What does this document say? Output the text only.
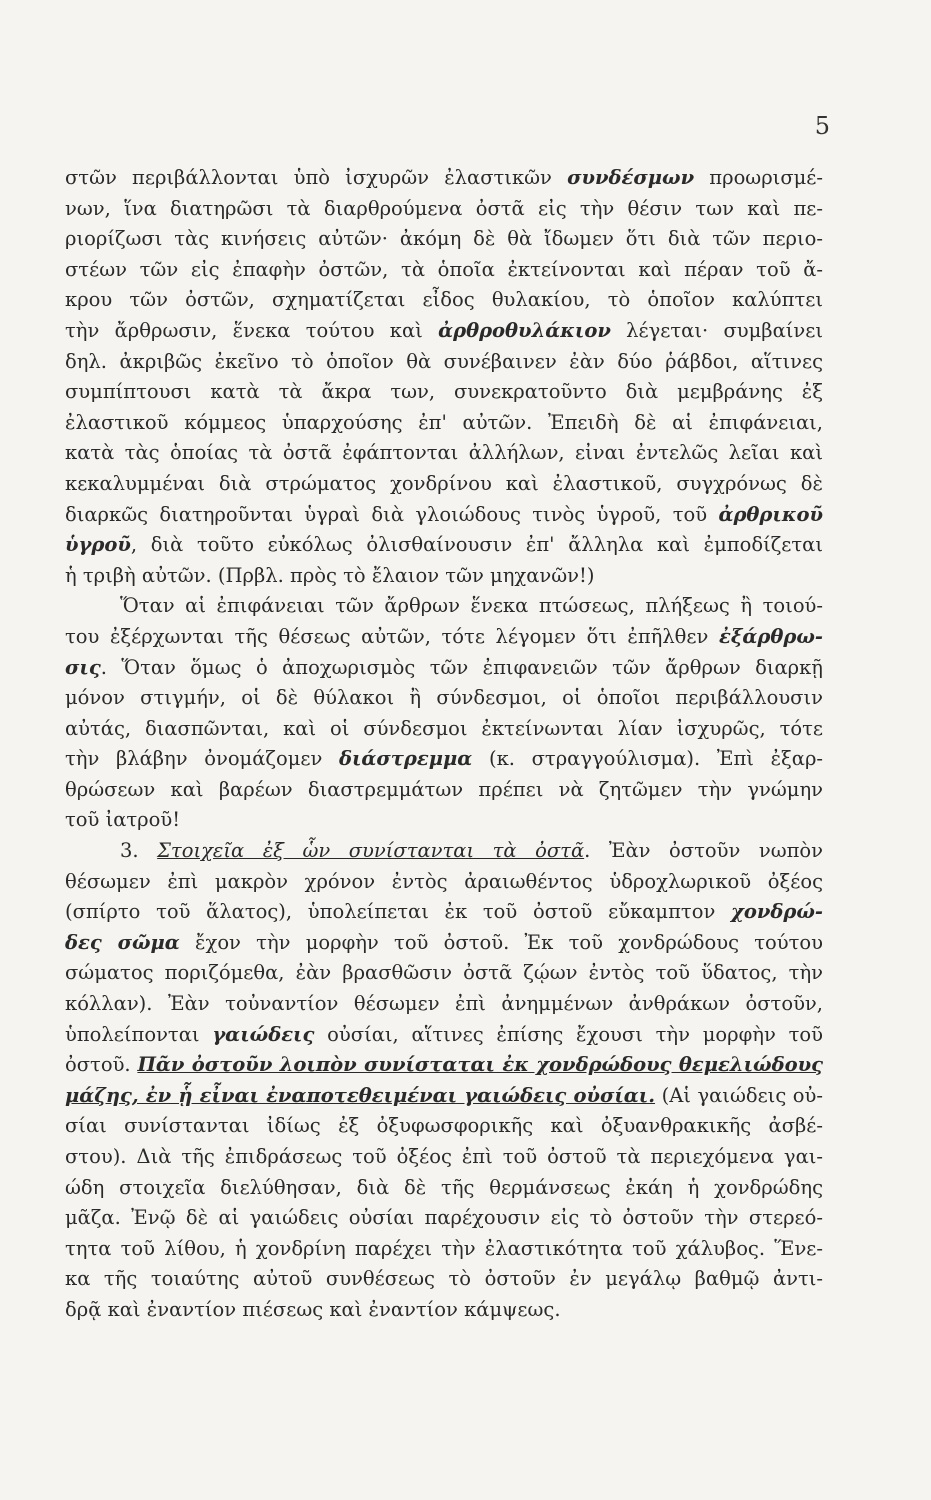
5
στῶν περιβάλλονται ὑπὸ ἰσχυρῶν ἐλαστικῶν συνδέσμων προωρισμέ-
νων, ἵνα διατηρῶσι τὰ διαρθρούμενα ὀστᾶ εἰς τὴν θέσιν των καὶ πε-
ριορίζωσι τὰς κινήσεις αὐτῶν· ἀκόμη δὲ θὰ ἴδωμεν ὅτι διὰ τῶν περιο-
στέων τῶν εἰς ἐπαφὴν ὀστῶν, τὰ ὁποῖα ἐκτείνονται καὶ πέραν τοῦ ἄ-
κρου τῶν ὀστῶν, σχηματίζεται εἶδος θυλακίου, τὸ ὁποῖον καλύπτει
τὴν ἄρθρωσιν, ἕνεκα τούτου καὶ ἀρθροθυλάκιον λέγεται· συμβαίνει
δηλ. ἀκριβῶς ἐκεῖνο τὸ ὁποῖον θὰ συνέβαινεν ἐὰν δύο ῥάβδοι, αἵτινες
συμπίπτουσι κατὰ τὰ ἄκρα των, συνεκρατοῦντο διὰ μεμβράνης ἐξ
ἐλαστικοῦ κόμμεος ὑπαρχούσης ἐπ' αὐτῶν. Ἐπειδὴ δὲ αἱ ἐπιφάνειαι,
κατὰ τὰς ὁποίας τὰ ὀστᾶ ἐφάπτονται ἀλλήλων, εἰναι ἐντελῶς λεῖαι καὶ
κεκαλυμμέναι διὰ στρώματος χονδρίνου καὶ ἐλαστικοῦ, συγχρόνως δὲ
διαρκῶς διατηροῦνται ὑγραὶ διὰ γλοιώδους τινὸς ὑγροῦ, τοῦ ἀρθρικοῦ
ὑγροῦ, διὰ τοῦτο εὐκόλως ὀλισθαίνουσιν ἐπ' ἄλληλα καὶ ἐμποδίζεται
ἡ τριβὴ αὐτῶν. (Πρβλ. πρὸς τὸ ἔλαιον τῶν μηχανῶν!)
Ὅταν αἱ ἐπιφάνειαι τῶν ἄρθρων ἕνεκα πτώσεως, πλήξεως ἢ τοιού-
του ἐξέρχωνται τῆς θέσεως αὐτῶν, τότε λέγομεν ὅτι ἐπῆλθεν ἐξάρθρω-
σις. Ὅταν ὅμως ὁ ἀποχωρισμὸς τῶν ἐπιφανειῶν τῶν ἄρθρων διαρκῇ
μόνον στιγμήν, οἱ δὲ θύλακοι ἢ σύνδεσμοι, οἱ ὁποῖοι περιβάλλουσιν
αὐτάς, διασπῶνται, καὶ οἱ σύνδεσμοι ἐκτείνωνται λίαν ἰσχυρῶς, τότε
τὴν βλάβην ὀνομάζομεν διάστρεμμα (κ. στραγγούλισμα). Ἐπὶ ἐξαρ-
θρώσεων καὶ βαρέων διαστρεμμάτων πρέπει νὰ ζητῶμεν τὴν γνώμην
τοῦ ἰατροῦ!
3. Στοιχεῖα ἐξ ὧν συνίστανται τὰ ὀστᾶ. Ἐὰν ὀστοῦν νωπὸν
θέσωμεν ἐπὶ μακρὸν χρόνον ἐντὸς ἀραιωθέντος ὑδροχλωρικοῦ ὀξέος
(σπίρτο τοῦ ἅλατος), ὑπολείπεται ἐκ τοῦ ὀστοῦ εὔκαμπτον χονδρώ-
δες σῶμα ἔχον τὴν μορφὴν τοῦ ὀστοῦ. Ἐκ τοῦ χονδρώδους τούτου
σώματος ποριζόμεθα, ἐὰν βρασθῶσιν ὀστᾶ ζῴων ἐντὸς τοῦ ὕδατος, τὴν
κόλλαν). Ἐὰν τοὐναντίον θέσωμεν ἐπὶ ἀνημμένων ἀνθράκων ὀστοῦν,
ὑπολείπονται γαιώδεις οὐσίαι, αἵτινες ἐπίσης ἔχουσι τὴν μορφὴν τοῦ
ὀστοῦ. Πᾶν ὀστοῦν λοιπὸν συνίσταται ἐκ χονδρώδους θεμελιώδους
μάζης, ἐν ᾗ εἶναι ἐναποτεθειμέναι γαιώδεις οὐσίαι. (Αἱ γαιώδεις οὐ-
σίαι συνίστανται ἰδίως ἐξ ὀξυφωσφορικῆς καὶ ὀξυανθρακικῆς ἀσβέ-
στου). Διὰ τῆς ἐπιδράσεως τοῦ ὀξέος ἐπὶ τοῦ ὀστοῦ τὰ περιεχόμενα γαι-
ώδη στοιχεῖα διελύθησαν, διὰ δὲ τῆς θερμάνσεως ἐκάη ἡ χονδρώδης
μᾶζα. Ἐνῷ δὲ αἱ γαιώδεις οὐσίαι παρέχουσιν εἰς τὸ ὀστοῦν τὴν στερεό-
τητα τοῦ λίθου, ἡ χονδρίνη παρέχει τὴν ἐλαστικότητα τοῦ χάλυβος. Ἕνε-
κα τῆς τοιαύτης αὐτοῦ συνθέσεως τὸ ὀστοῦν ἐν μεγάλῳ βαθμῷ ἀντι-
δρᾷ καὶ ἐναντίον πιέσεως καὶ ἐναντίον κάμψεως.
